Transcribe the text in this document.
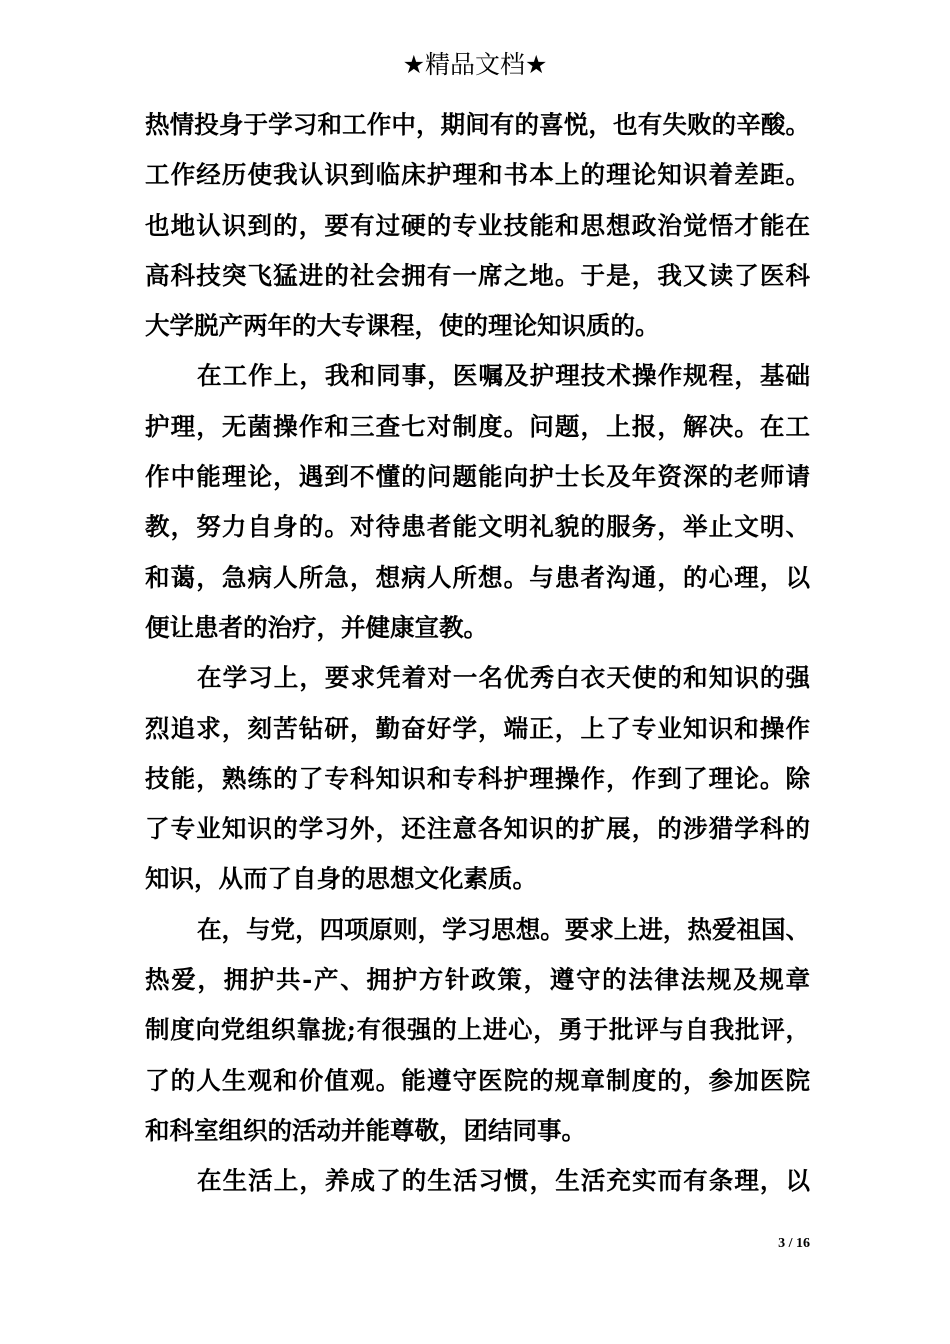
★精品文档★
热情投身于学习和工作中，期间有的喜悦，也有失败的辛酸。
工作经历使我认识到临床护理和书本上的理论知识着差距。
也地认识到的，要有过硬的专业技能和思想政治觉悟才能在
高科技突飞猛进的社会拥有一席之地。于是，我又读了医科
大学脱产两年的大专课程，使的理论知识质的。
在工作上，我和同事，医嘱及护理技术操作规程，基础
护理，无菌操作和三查七对制度。问题，上报，解决。在工
作中能理论，遇到不懂的问题能向护士长及年资深的老师请
教，努力自身的。对待患者能文明礼貌的服务，举止文明、
和蔼，急病人所急，想病人所想。与患者沟通，的心理，以
便让患者的治疗，并健康宣教。
在学习上，要求凭着对一名优秀白衣天使的和知识的强
烈追求，刻苦钻研，勤奋好学，端正，上了专业知识和操作
技能，熟练的了专科知识和专科护理操作，作到了理论。除
了专业知识的学习外，还注意各知识的扩展，的涉猎学科的
知识，从而了自身的思想文化素质。
在，与党，四项原则，学习思想。要求上进，热爱祖国、
热爱，拥护共-产、拥护方针政策，遵守的法律法规及规章
制度向党组织靠拢;有很强的上进心，勇于批评与自我批评，
了的人生观和价值观。能遵守医院的规章制度的，参加医院
和科室组织的活动并能尊敬，团结同事。
在生活上，养成了的生活习惯，生活充实而有条理，以
3 / 16
